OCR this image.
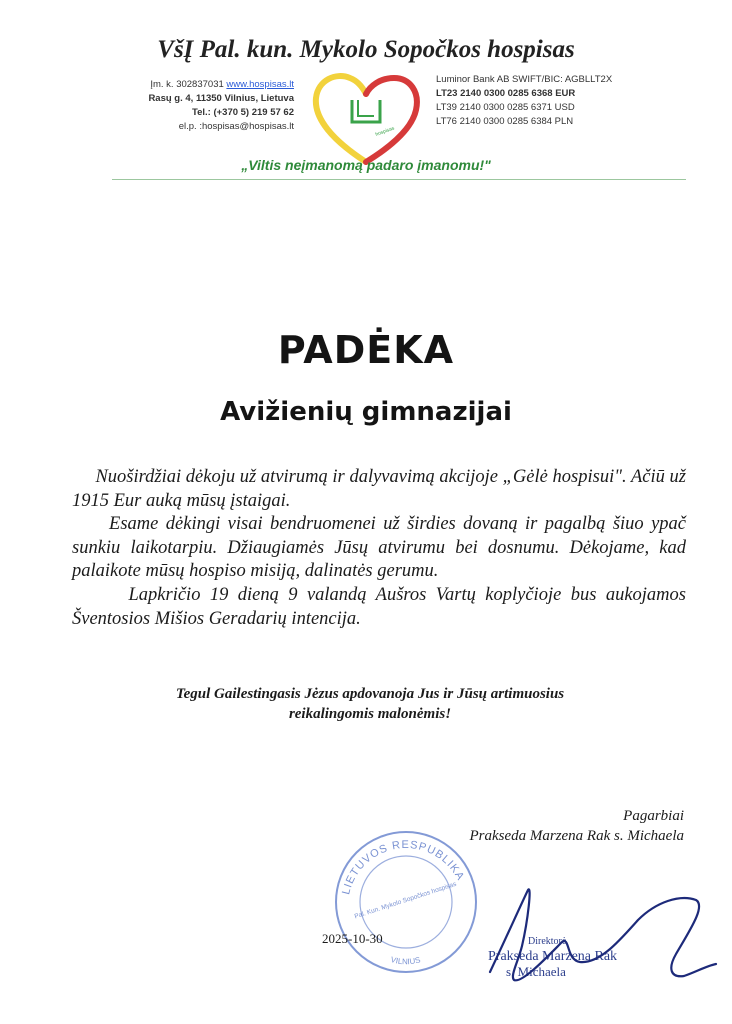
VšĮ Pal. kun. Mykolo Sopočkos hospisas
Įm. k. 302837031 www.hospisas.lt
Rasų g. 4, 11350 Vilnius, Lietuva
Tel.: (+370 5) 219 57 62
el.p. :hospisas@hospisas.lt	hospisas
Luminor Bank AB SWIFT/BIC: AGBLLT2X
LT23 2140 0300 0285 6368 EUR
LT39 2140 0300 0285 6371 USD
LT76 2140 0300 0285 6384 PLN
„Viltis neįmanomą padaro įmanomu!"
PADĖKA
Avižienių gimnazijai

Nuoširdžiai dėkoju už atvirumą ir dalyvavimą akcijoje „Gėlė hospisui". Ačiū už 1915 Eur auką mūsų įstaigai.

Esame dėkingi visai bendruomenei už širdies dovaną ir pagalbą šiuo ypač sunkiu laikotarpiu. Džiaugiamės Jūsų atvirumu bei dosnumu. Dėkojame, kad palaikote mūsų hospiso misiją, dalinatės gerumu.

Lapkričio 19 dieną 9 valandą Aušros Vartų koplyčioje bus aukojamos Šventosios Mišios Geradarių intencija.

Tegul Gailestingasis Jėzus apdovanoja Jus ir Jūsų artimuosius
reikalingomis malonėmis!
Pagarbiai
Prakseda Marzena Rak s. Michaela
LIETUVOS RESPUBLIKA
VILNIUS
Pal. Kun. Mykolo Sopočkos hospisas
2025-10-30	Direktorė
Prakseda Marzena Rak
s. Michaela
